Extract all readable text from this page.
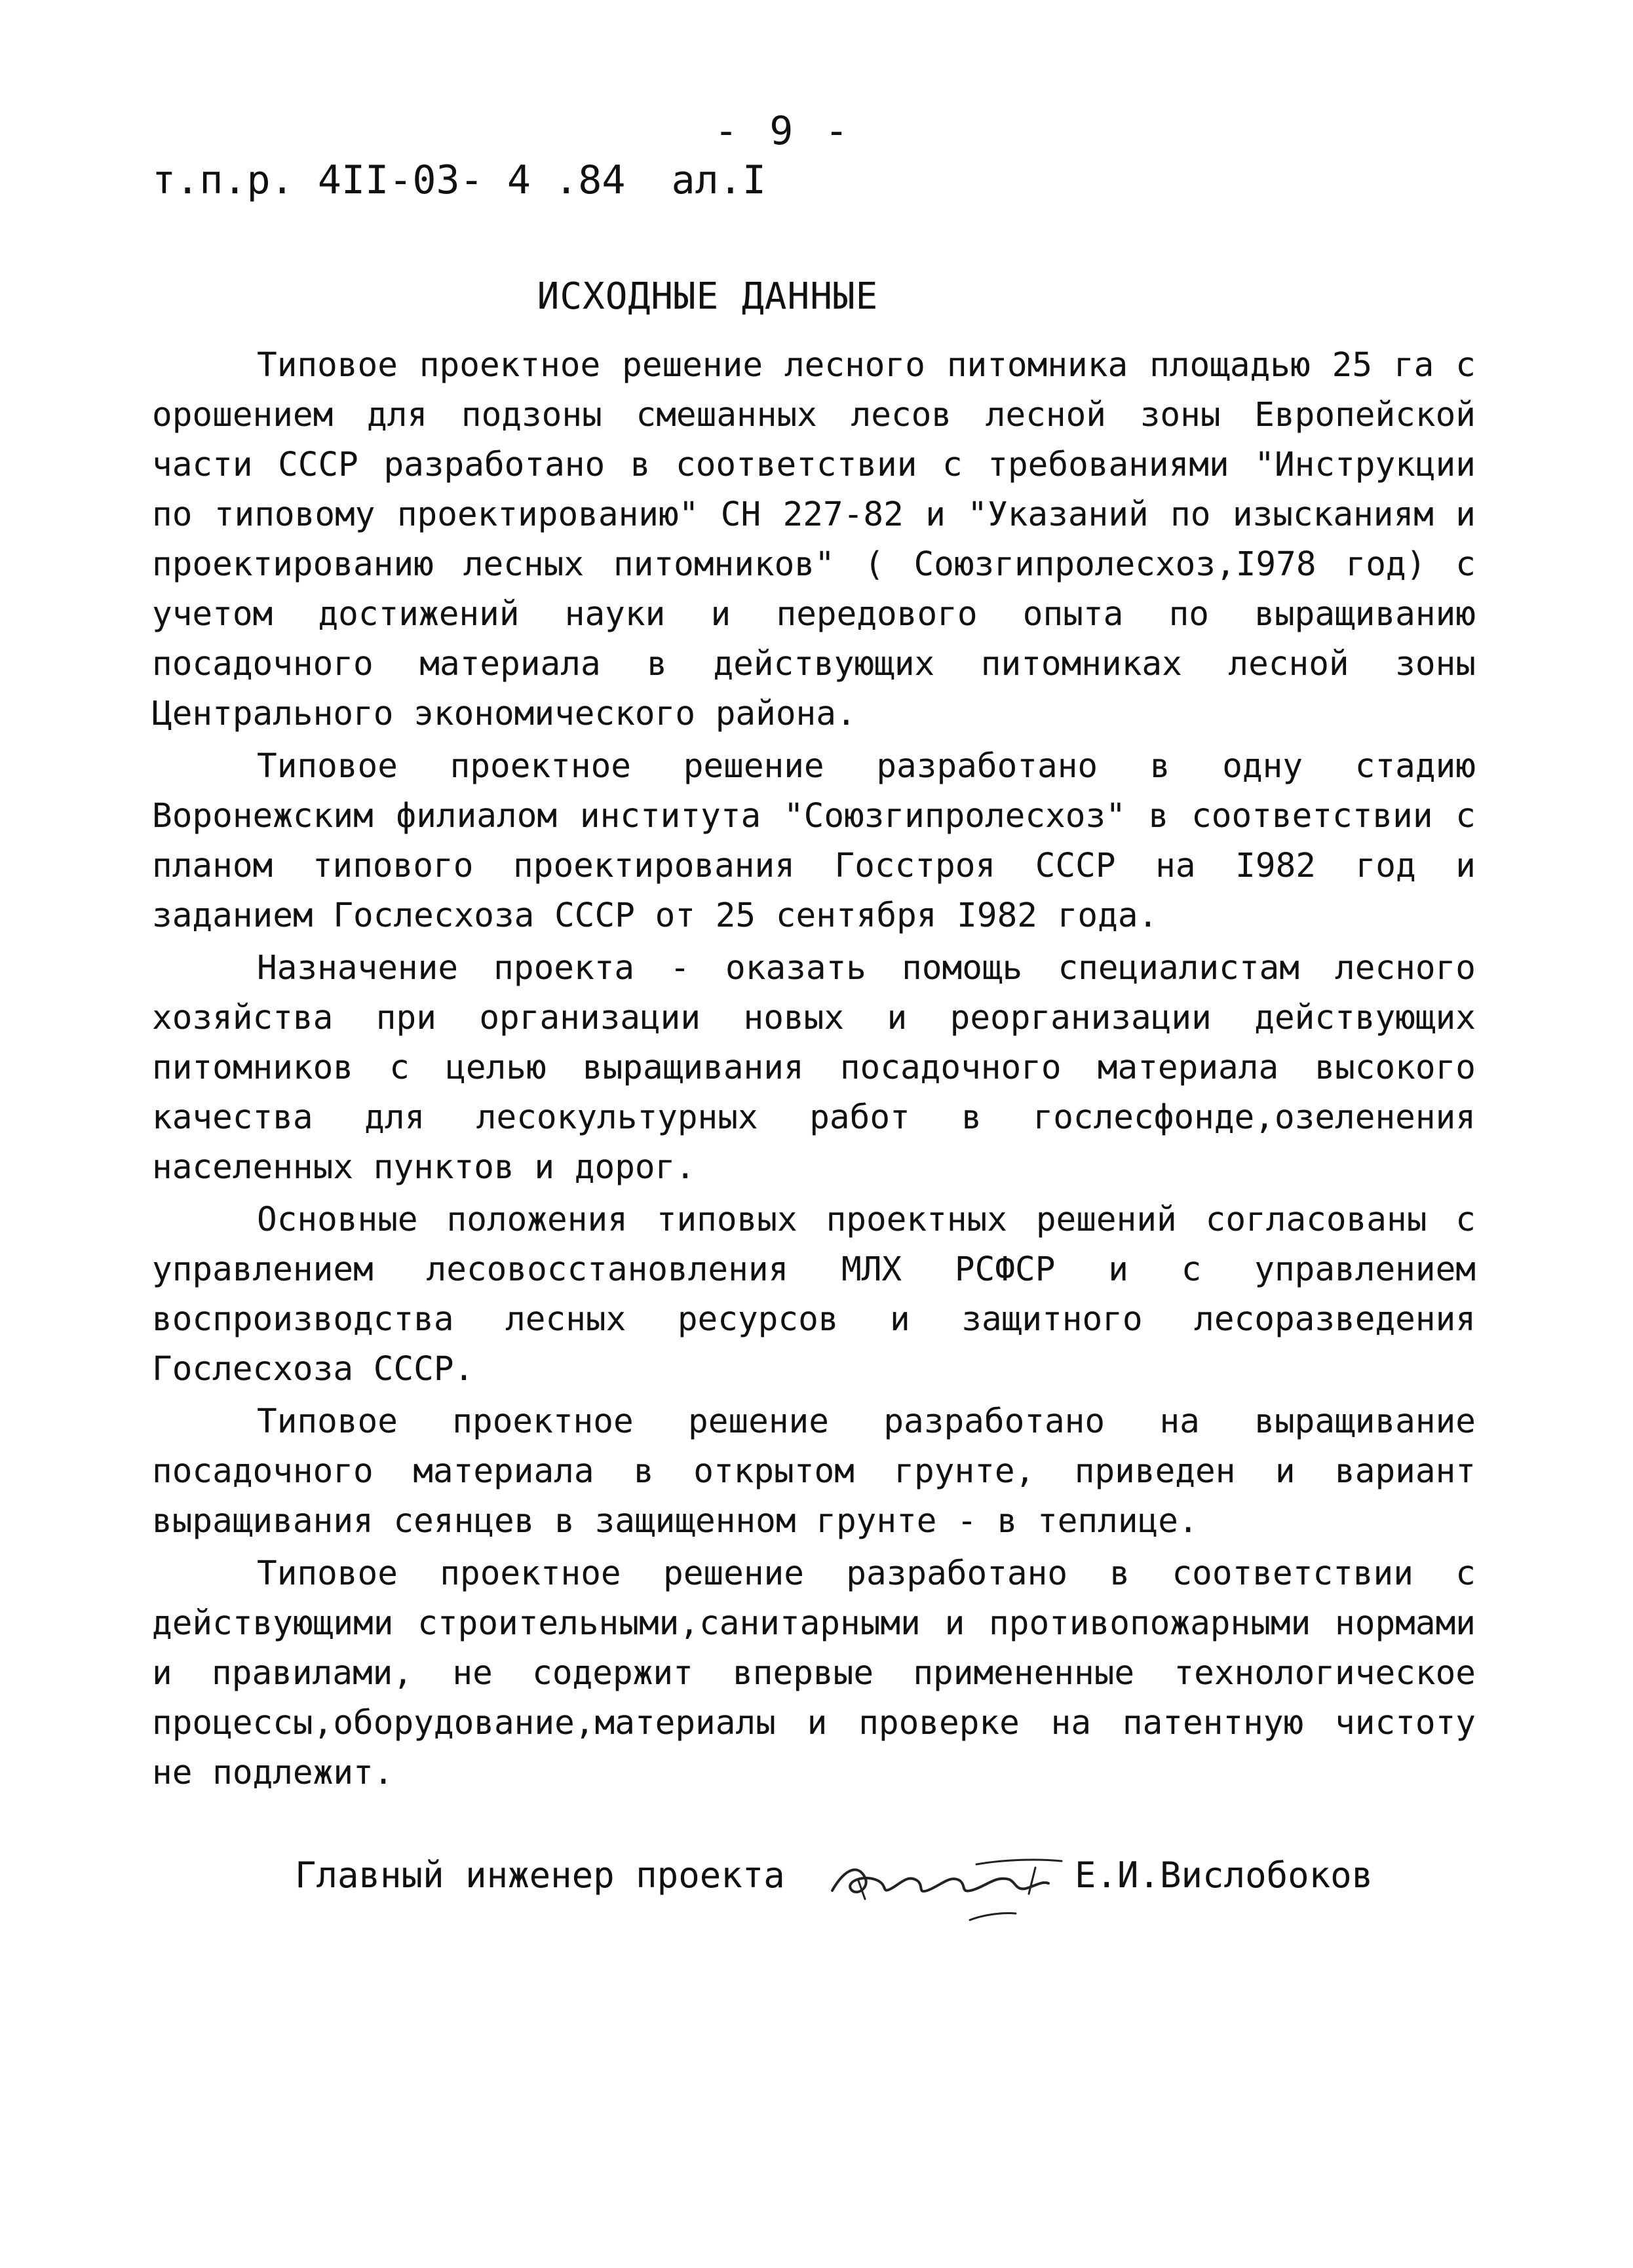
- 9 -
т.п.р. 4II-03- 4 .84 ал.I
ИСХОДНЫЕ ДАННЫЕ

Типовое проектное решение лесного питомника площадью 25 га с орошением для подзоны смешанных лесов лесной зоны Европейской части СССР разработано в соответствии с требованиями "Инструкции по типовому проектированию" СН 227-82 и "Указаний по изысканиям и проектированию лесных питомников" ( Союзгипролесхоз,I978 год) с учетом достижений науки и передового опыта по выращиванию посадочного материала в действующих питомниках лесной зоны Центрального экономического района.

Типовое проектное решение разработано в одну стадию Воронежским филиалом института "Союзгипролесхоз" в соответствии с планом типового проектирования Госстроя СССР на I982 год и заданием Гослесхоза СССР от 25 сентября I982 года.

Назначение проекта - оказать помощь специалистам лесного хозяйства при организации новых и реорганизации действующих питомников с целью выращивания посадочного материала высокого качества для лесокультурных работ в гослесфонде,озеленения населенных пунктов и дорог.

Основные положения типовых проектных решений согласованы с управлением лесовосстановления МЛХ РСФСР и с управлением воспроизводства лесных ресурсов и защитного лесоразведения Гослесхоза СССР.

Типовое проектное решение разработано на выращивание посадочного материала в открытом грунте, приведен и вариант выращивания сеянцев в защищенном грунте - в теплице.

Типовое проектное решение разработано в соответствии с действующими строительными,санитарными и противопожарными нормами и правилами, не содержит впервые примененные технологическое процессы,оборудование,материалы и проверке на патентную чистоту не подлежит.

Главный инженер проекта	Е.И.Вислобоков
